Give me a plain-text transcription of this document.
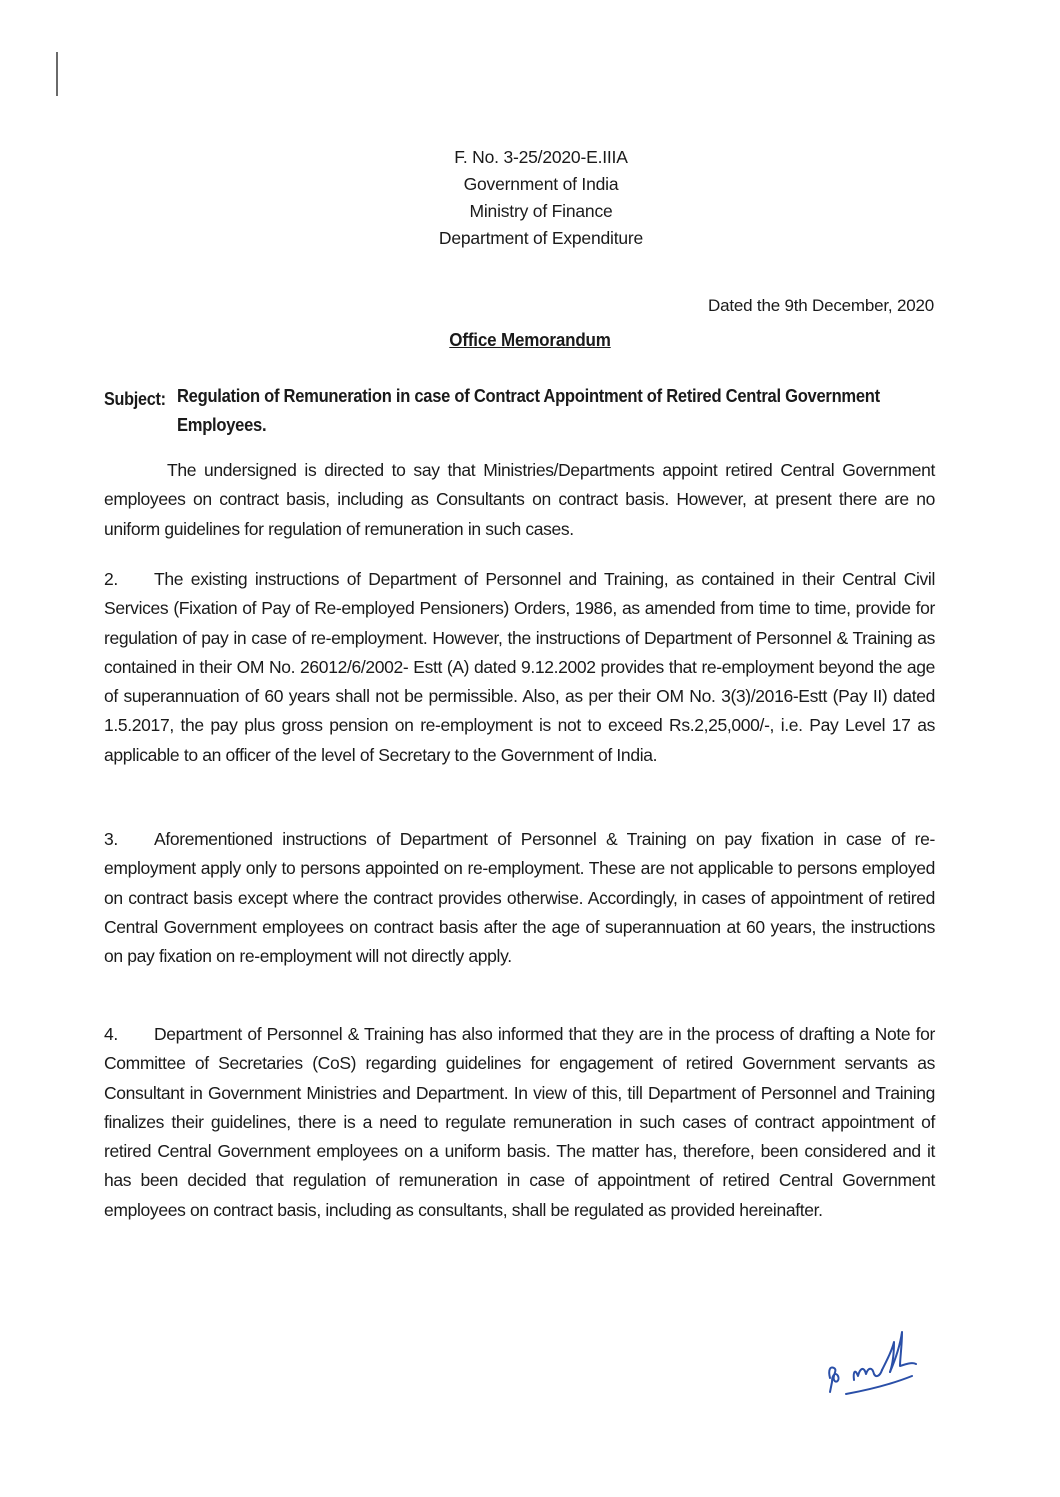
F. No. 3-25/2020-E.IIIA
Government of India
Ministry of Finance
Department of Expenditure
Dated the 9th December, 2020
Office Memorandum
Subject: Regulation of Remuneration in case of Contract Appointment of Retired Central Government Employees.
The undersigned is directed to say that Ministries/Departments appoint retired Central Government employees on contract basis, including as Consultants on contract basis. However, at present there are no uniform guidelines for regulation of remuneration in such cases.
2. The existing instructions of Department of Personnel and Training, as contained in their Central Civil Services (Fixation of Pay of Re-employed Pensioners) Orders, 1986, as amended from time to time, provide for regulation of pay in case of re-employment. However, the instructions of Department of Personnel & Training as contained in their OM No. 26012/6/2002- Estt (A) dated 9.12.2002 provides that re-employment beyond the age of superannuation of 60 years shall not be permissible. Also, as per their OM No. 3(3)/2016-Estt (Pay II) dated 1.5.2017, the pay plus gross pension on re-employment is not to exceed Rs.2,25,000/-, i.e. Pay Level 17 as applicable to an officer of the level of Secretary to the Government of India.
3. Aforementioned instructions of Department of Personnel & Training on pay fixation in case of re-employment apply only to persons appointed on re-employment. These are not applicable to persons employed on contract basis except where the contract provides otherwise. Accordingly, in cases of appointment of retired Central Government employees on contract basis after the age of superannuation at 60 years, the instructions on pay fixation on re-employment will not directly apply.
4. Department of Personnel & Training has also informed that they are in the process of drafting a Note for Committee of Secretaries (CoS) regarding guidelines for engagement of retired Government servants as Consultant in Government Ministries and Department. In view of this, till Department of Personnel and Training finalizes their guidelines, there is a need to regulate remuneration in such cases of contract appointment of retired Central Government employees on a uniform basis. The matter has, therefore, been considered and it has been decided that regulation of remuneration in case of appointment of retired Central Government employees on contract basis, including as consultants, shall be regulated as provided hereinafter.
